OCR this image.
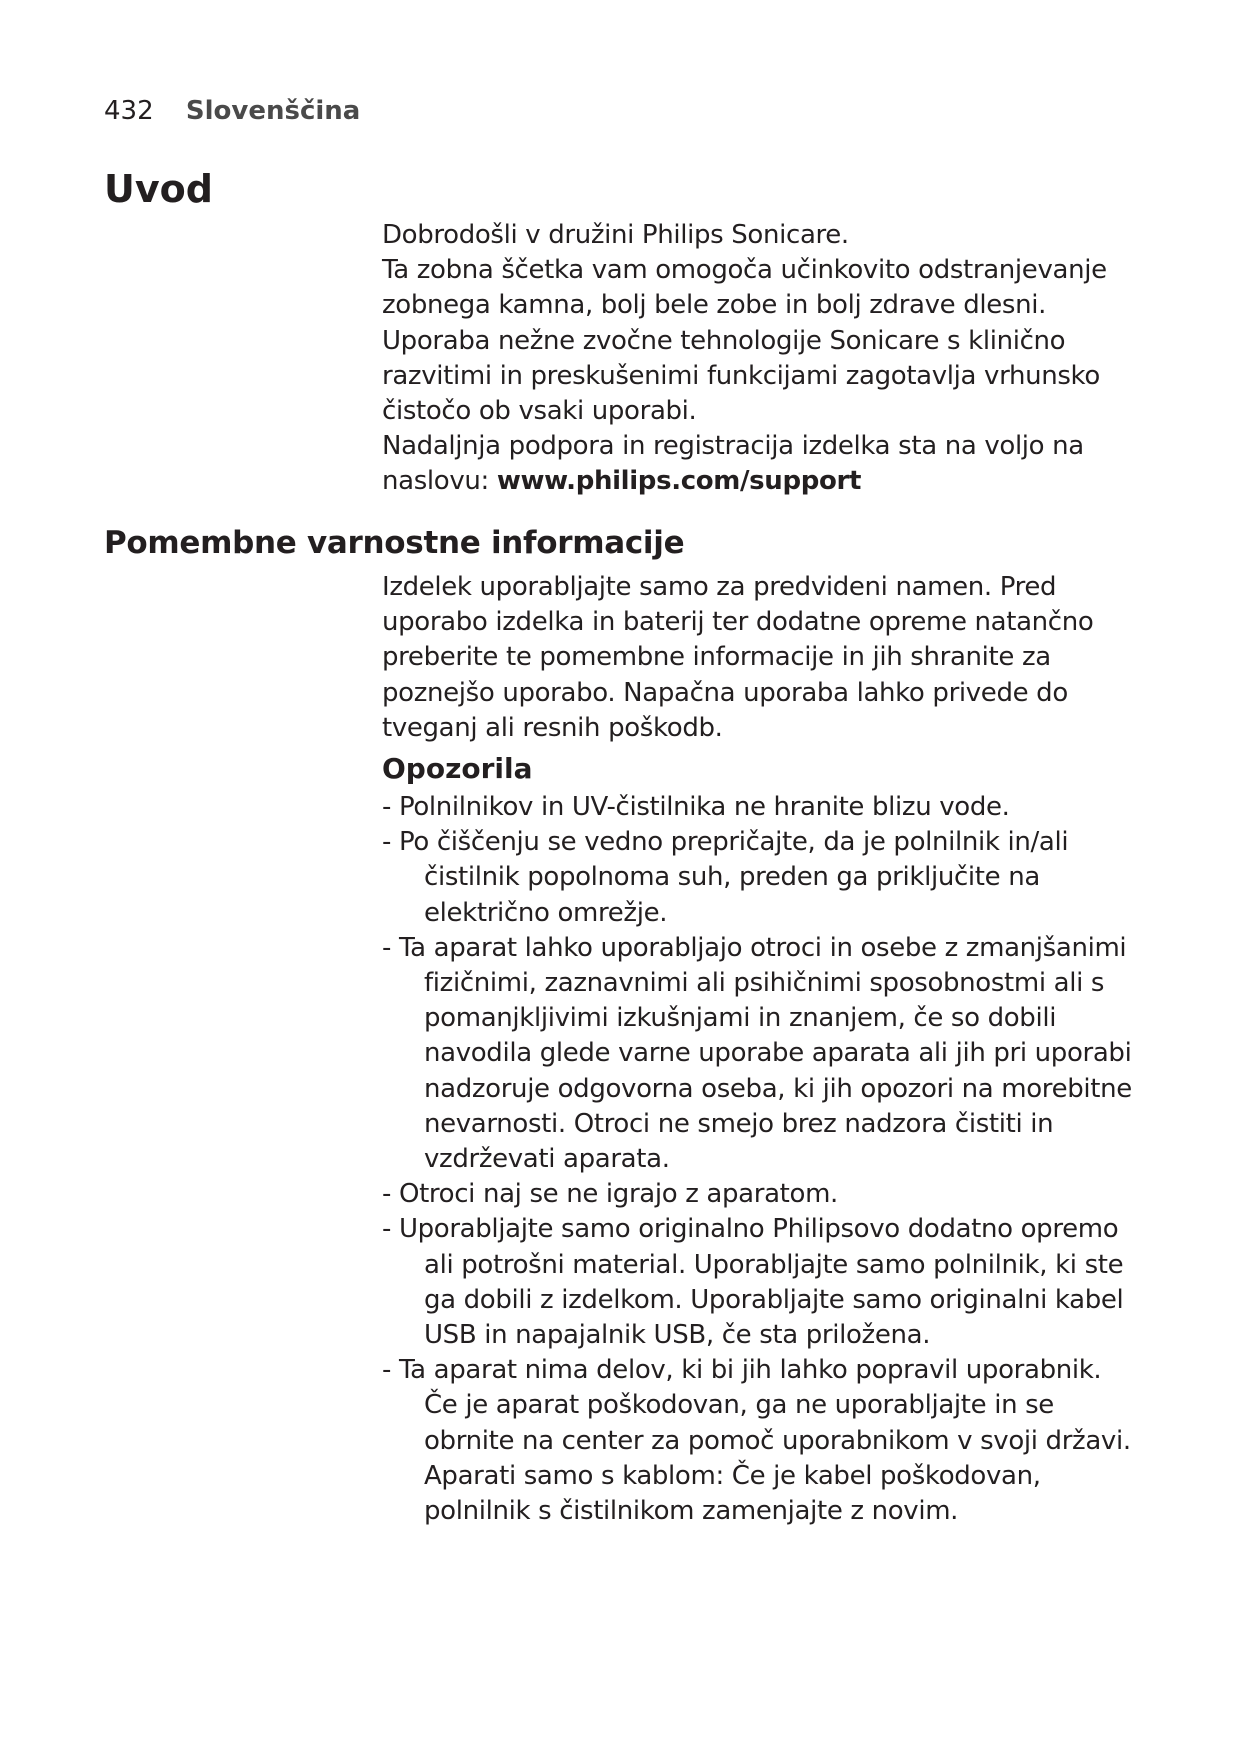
432 Slovenščina
Uvod

Dobrodošli v družini Philips Sonicare.

Ta zobna ščetka vam omogoča učinkovito odstranjevanje

zobnega kamna, bolj bele zobe in bolj zdrave dlesni.

Uporaba nežne zvočne tehnologije Sonicare s klinično

razvitimi in preskušenimi funkcijami zagotavlja vrhunsko

čistočo ob vsaki uporabi.

Nadaljnja podpora in registracija izdelka sta na voljo na

naslovu: www.philips.com/support

Pomembne varnostne informacije

Izdelek uporabljajte samo za predvideni namen. Pred

uporabo izdelka in baterij ter dodatne opreme natančno

preberite te pomembne informacije in jih shranite za

poznejšo uporabo. Napačna uporaba lahko privede do

tveganj ali resnih poškodb.

Opozorila
- Polnilnikov in UV-čistilnika ne hranite blizu vode.
- Po čiščenju se vedno prepričajte, da je polnilnik in/ali čistilnik popolnoma suh, preden ga priključite na električno omrežje.
- Ta aparat lahko uporabljajo otroci in osebe z zmanjšanimi fizičnimi, zaznavnimi ali psihičnimi sposobnostmi ali s pomanjkljivimi izkušnjami in znanjem, če so dobili navodila glede varne uporabe aparata ali jih pri uporabi nadzoruje odgovorna oseba, ki jih opozori na morebitne nevarnosti. Otroci ne smejo brez nadzora čistiti in vzdrževati aparata.
- Otroci naj se ne igrajo z aparatom.
- Uporabljajte samo originalno Philipsovo dodatno opremo ali potrošni material. Uporabljajte samo polnilnik, ki ste ga dobili z izdelkom. Uporabljajte samo originalni kabel USB in napajalnik USB, če sta priložena.
- Ta aparat nima delov, ki bi jih lahko popravil uporabnik. Če je aparat poškodovan, ga ne uporabljajte in se obrnite na center za pomoč uporabnikom v svoji državi. Aparati samo s kablom: Če je kabel poškodovan, polnilnik s čistilnikom zamenjajte z novim.
